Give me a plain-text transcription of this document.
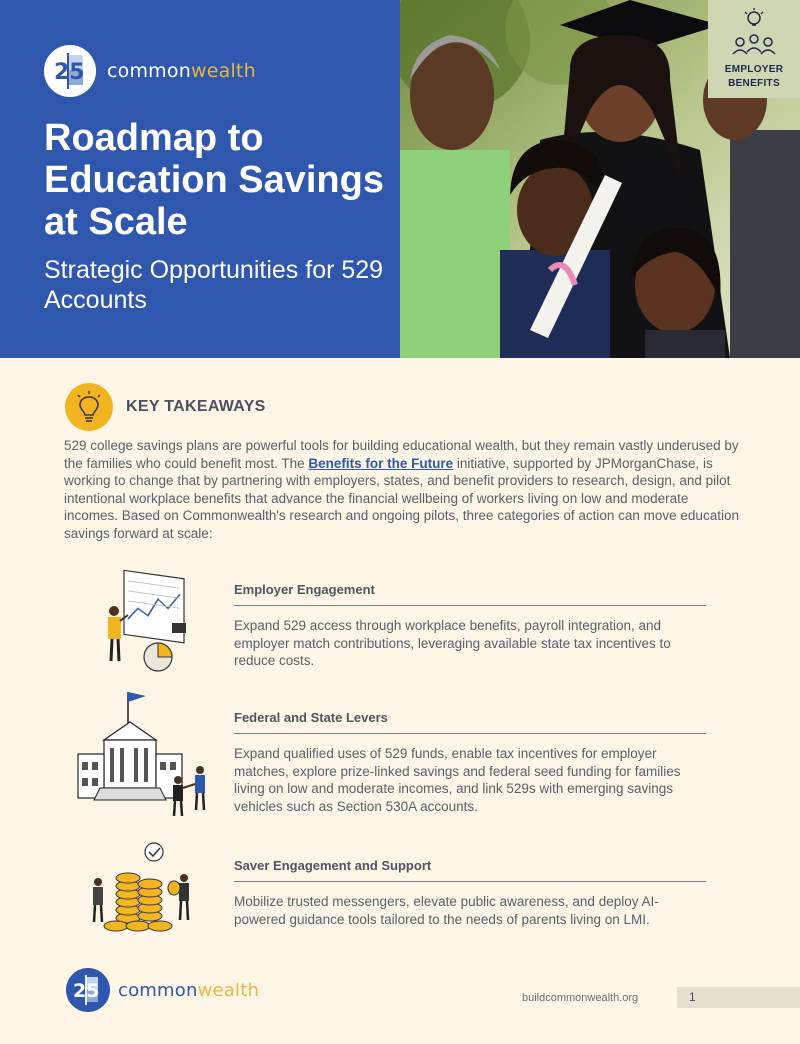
25 commonwealth
Roadmap to Education Savings at Scale
Strategic Opportunities for 529 Accounts
EMPLOYER BENEFITS
KEY TAKEAWAYS

529 college savings plans are powerful tools for building educational wealth, but they remain vastly underused by the families who could benefit most. The Benefits for the Future initiative, supported by JPMorganChase, is working to change that by partnering with employers, states, and benefit providers to research, design, and pilot intentional workplace benefits that advance the financial wellbeing of workers living on low and moderate incomes. Based on Commonwealth's research and ongoing pilots, three categories of action can move education savings forward at scale:

Employer Engagement
Expand 529 access through workplace benefits, payroll integration, and employer match contributions, leveraging available state tax incentives to reduce costs.
Federal and State Levers
Expand qualified uses of 529 funds, enable tax incentives for employer matches, explore prize-linked savings and federal seed funding for families living on low and moderate incomes, and link 529s with emerging savings vehicles such as Section 530A accounts.
Saver Engagement and Support
Mobilize trusted messengers, elevate public awareness, and deploy AI-powered guidance tools tailored to the needs of parents living on LMI.
25 commonwealth	buildcommonwealth.org	1
